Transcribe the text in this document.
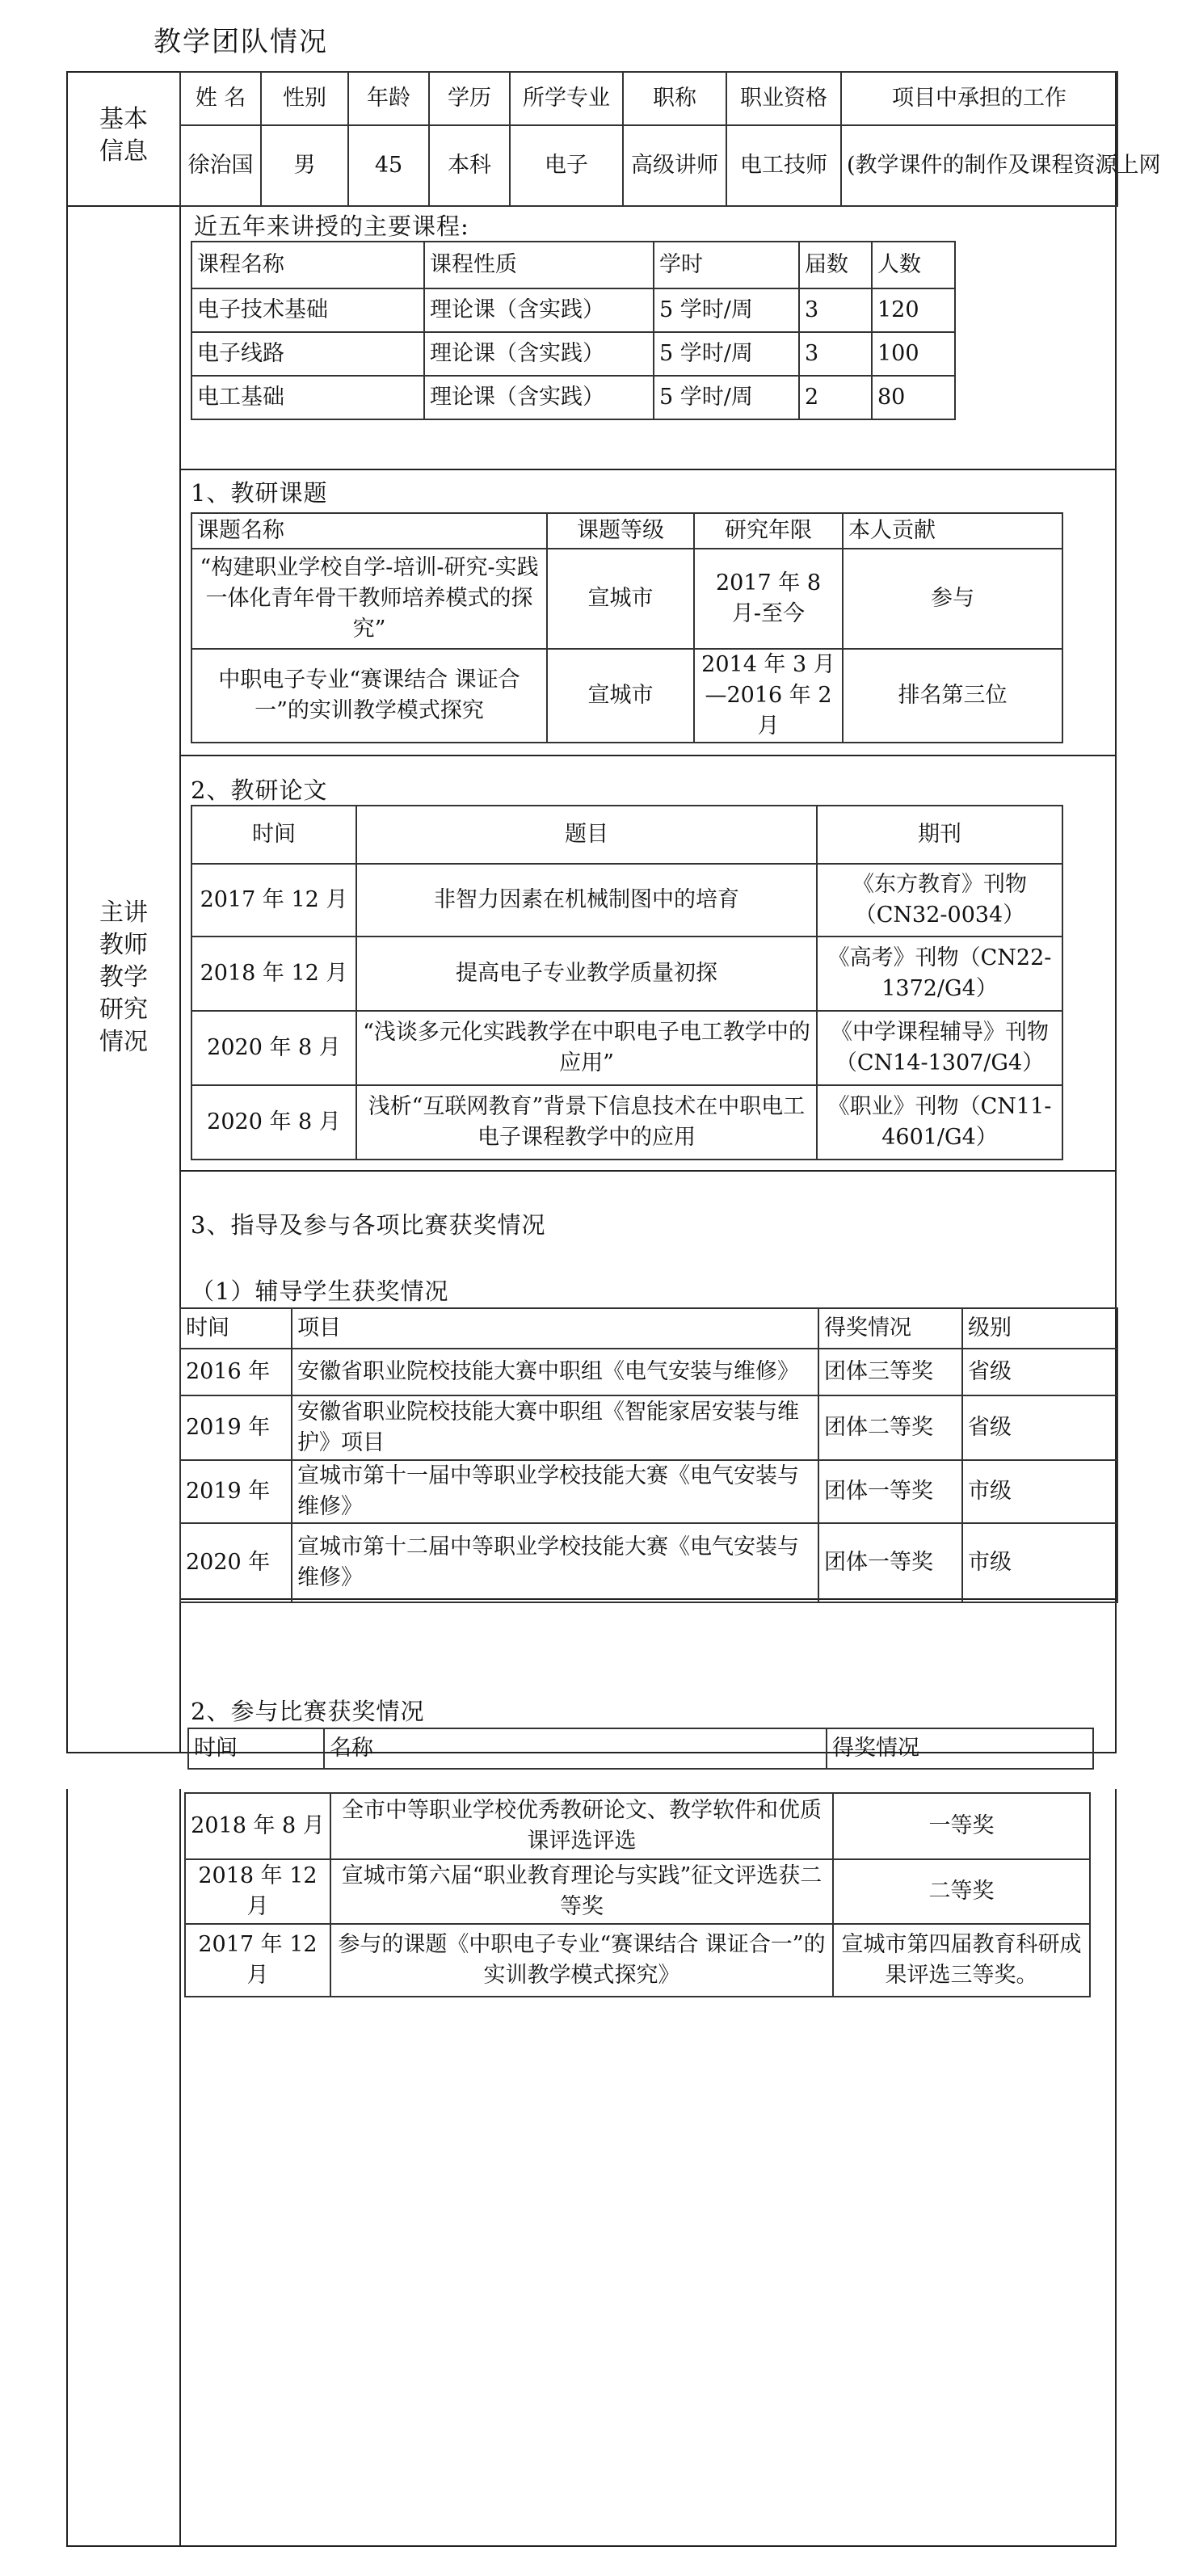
教学团队情况
基本
信息
姓 名	性别	年龄	学历	所学专业	职称	职业资格	项目中承担的工作
徐治国	男	45	本科	电子	高级讲师	电工技师	(教学课件的制作及课程资源上网
主讲
教师
教学
研究
情况
近五年来讲授的主要课程:
课程名称	课程性质	学时	届数	人数
电子技术基础	理论课（含实践）	5 学时/周	3	120
电子线路	理论课（含实践）	5 学时/周	3	100
电工基础	理论课（含实践）	5 学时/周	2	80
1、教研课题
课题名称	课题等级	研究年限	本人贡献
“构建职业学校自学-培训-研究-实践一体化青年骨干教师培养模式的探究”	宣城市	2017 年 8 月-至今	参与
中职电子专业“赛课结合 课证合一”的实训教学模式探究	宣城市	2014 年 3 月—2016 年 2 月	排名第三位
2、教研论文
时间	题目	期刊
2017 年 12 月	非智力因素在机械制图中的培育	《东方教育》刊物（CN32-0034）
2018 年 12 月	提高电子专业教学质量初探	《高考》刊物（CN22-1372/G4）
2020 年 8 月	“浅谈多元化实践教学在中职电子电工教学中的应用”	《中学课程辅导》刊物（CN14-1307/G4）
2020 年 8 月	浅析“互联网教育”背景下信息技术在中职电工电子课程教学中的应用	《职业》刊物（CN11-4601/G4）
3、指导及参与各项比赛获奖情况
（1）辅导学生获奖情况
时间	项目	得奖情况	级别
2016 年	安徽省职业院校技能大赛中职组《电气安装与维修》	团体三等奖	省级
2019 年	安徽省职业院校技能大赛中职组《智能家居安装与维护》项目	团体二等奖	省级
2019 年	宣城市第十一届中等职业学校技能大赛《电气安装与维修》	团体一等奖	市级
2020 年	宣城市第十二届中等职业学校技能大赛《电气安装与维修》	团体一等奖	市级
2、参与比赛获奖情况
时间	名称	得奖情况
2018 年 8 月	全市中等职业学校优秀教研论文、教学软件和优质课评选评选	一等奖
2018 年 12 月	宣城市第六届“职业教育理论与实践”征文评选获二等奖	二等奖
2017 年 12 月	参与的课题《中职电子专业“赛课结合 课证合一”的实训教学模式探究》	宣城市第四届教育科研成果评选三等奖。
